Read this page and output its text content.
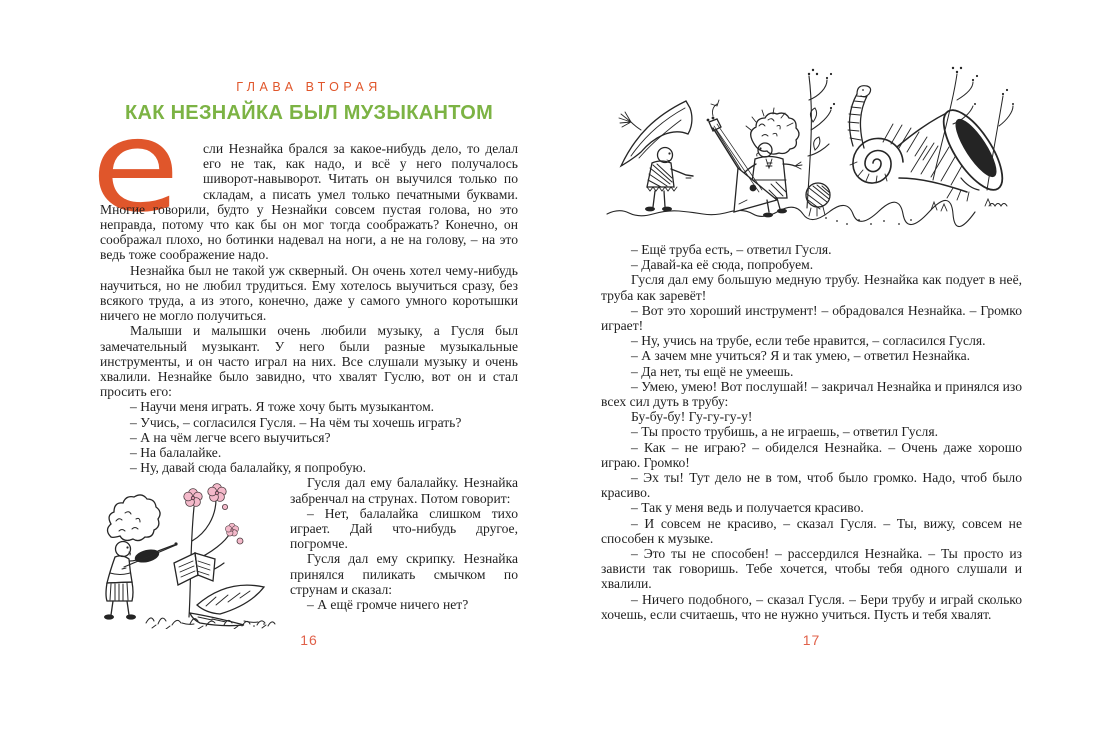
ГЛАВА ВТОРАЯ
КАК НЕЗНАЙКА БЫЛ МУЗЫКАНТОМ

е сли Незнайка брался за какое-нибудь дело, то делал его не так, как надо, и всё у него получалось шиворот-навыворот. Читать он выучился только по складам, а писать умел только печатными буквами. Многие говорили, будто у Незнайки совсем пустая голова, но это неправда, потому что как бы он мог тогда соображать? Конечно, он соображал плохо, но ботинки надевал на ноги, а не на голову, – на это ведь тоже соображение надо.

Незнайка был не такой уж скверный. Он очень хотел чему-нибудь научиться, но не любил трудиться. Ему хотелось выучиться сразу, без всякого труда, а из этого, конечно, даже у самого умного коротышки ничего не могло получиться.

Малыши и малышки очень любили музыку, а Гусля был замечательный музыкант. У него были разные музыкальные инструменты, и он часто играл на них. Все слушали музыку и очень хвалили. Незнайке было завидно, что хвалят Гуслю, вот он и стал просить его:

– Научи меня играть. Я тоже хочу быть музыкантом.

– Учись, – согласился Гусля. – На чём ты хочешь играть?

– А на чём легче всего выучиться?

– На балалайке.

– Ну, давай сюда балалайку, я попробую.

Гусля дал ему балалайку. Незнайка забренчал на струнах. Потом говорит:

– Нет, балалайка слишком тихо играет. Дай что-нибудь другое, погромче.

Гусля дал ему скрипку. Незнайка принялся пиликать смычком по струнам и сказал:

– А ещё громче ничего нет?

– Ещё труба есть, – ответил Гусля.

– Давай-ка её сюда, попробуем.

Гусля дал ему большую медную трубу. Незнайка как подует в неё, труба как заревёт!

– Вот это хороший инструмент! – обрадовался Незнайка. – Громко играет!

– Ну, учись на трубе, если тебе нравится, – согласился Гусля.

– А зачем мне учиться? Я и так умею, – ответил Незнайка.

– Да нет, ты ещё не умеешь.

– Умею, умею! Вот послушай! – закричал Незнайка и принялся изо всех сил дуть в трубу:

Бу-бу-бу! Гу-гу-гу-у!

– Ты просто трубишь, а не играешь, – ответил Гусля.

– Как – не играю? – обиделся Незнайка. – Очень даже хорошо играю. Громко!

– Эх ты! Тут дело не в том, чтоб было громко. Надо, чтоб было красиво.

– Так у меня ведь и получается красиво.

– И совсем не красиво, – сказал Гусля. – Ты, вижу, совсем не способен к музыке.

– Это ты не способен! – рассердился Незнайка. – Ты просто из зависти так говоришь. Тебе хочется, чтобы тебя одного слушали и хвалили.

– Ничего подобного, – сказал Гусля. – Бери трубу и играй сколько хочешь, если считаешь, что не нужно учиться. Пусть и тебя хвалят.

16	17
